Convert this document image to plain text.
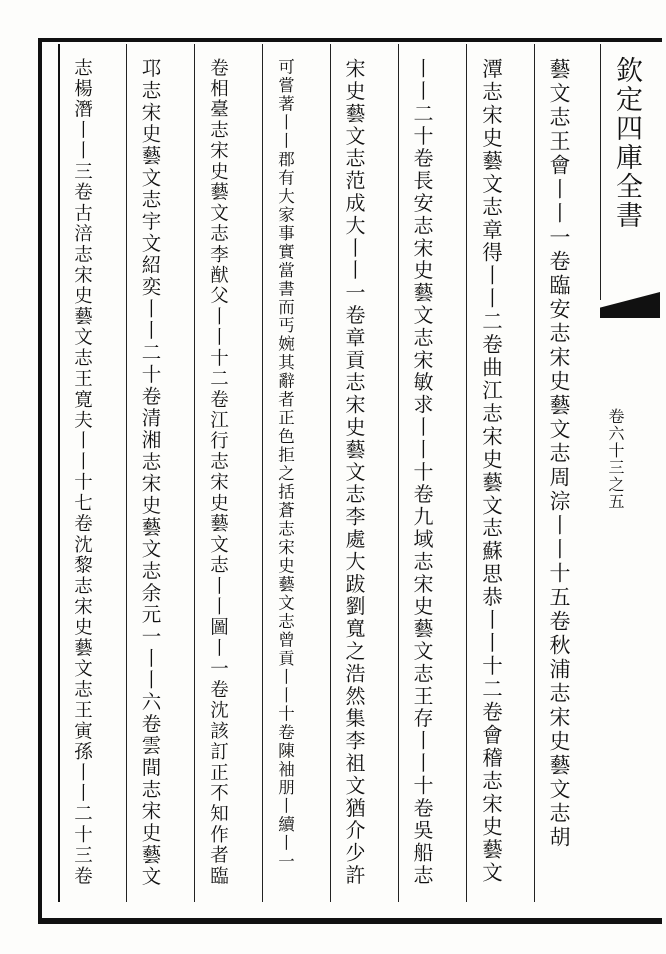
欽定四庫全書
卷六十三之五
藝文志王會丨丨一卷臨安志宋史藝文志周淙丨丨十五卷秋浦志宋史藝文志胡
潭志宋史藝文志章得丨丨二卷曲江志宋史藝文志蘇思恭丨丨十二卷會稽志宋史藝文
丨丨二十卷長安志宋史藝文志宋敏求丨丨十卷九域志宋史藝文志王存丨丨十卷吳船志
宋史藝文志范成大丨丨一卷章貢志宋史藝文志李處大跋劉寬之浩然集李祖文猶介少許
可嘗著丨丨郡有大家事實當書而丐婉其辭者正色拒之括蒼志宋史藝文志曾貢丨丨十卷陳袖朋丨續丨一
卷相臺志宋史藝文志李猷父丨丨十二卷江行志宋史藝文志丨丨圖丨一卷沈該訂正不知作者臨
邛志宋史藝文志宇文紹奕丨丨二十卷清湘志宋史藝文志余元一丨丨六卷雲間志宋史藝文
志楊潛丨丨三卷古涪志宋史藝文志王寛夫丨丨十七卷沈黎志宋史藝文志王寅孫丨丨二十三卷
